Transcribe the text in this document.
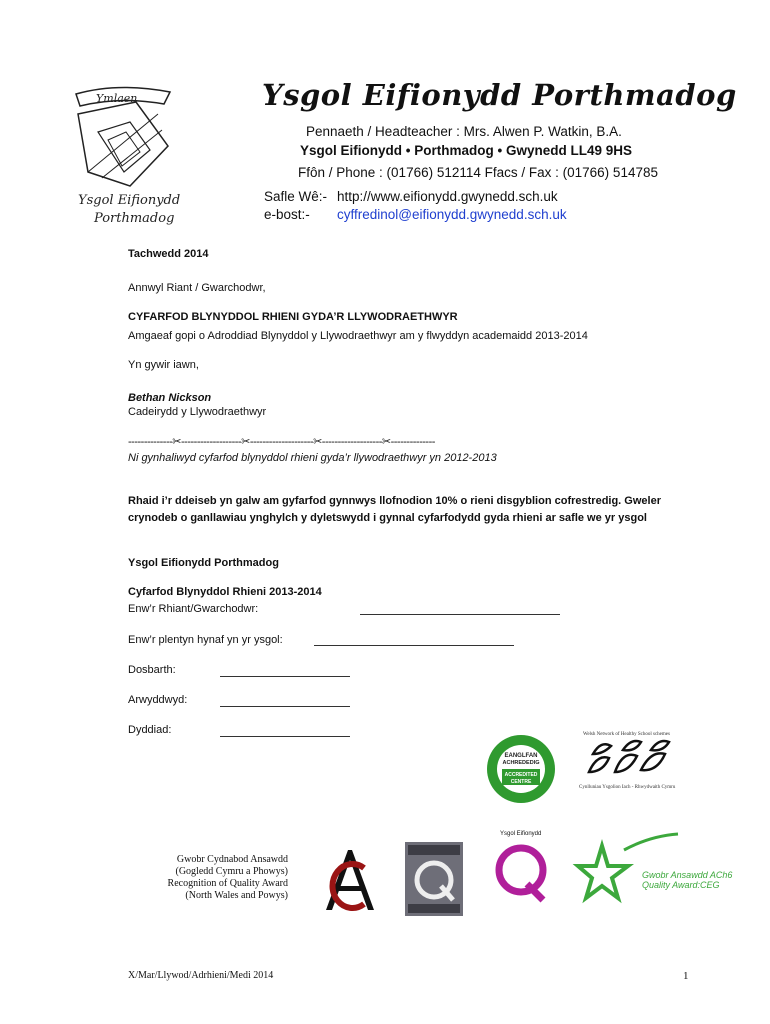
Ymlaen
Ysgol Eifionydd
Porthmadog
Ysgol Eifionydd Porthmadog
Pennaeth / Headteacher : Mrs. Alwen P. Watkin, B.A.
Ysgol Eifionydd • Porthmadog • Gwynedd LL49 9HS
Ffôn / Phone : (01766) 512114 Ffacs / Fax : (01766) 514785
Safle Wê:- http://www.eifionydd.gwynedd.sch.uk
e-bost:- cyffredinol@eifionydd.gwynedd.sch.uk
Tachwedd 2014
Annwyl Riant / Gwarchodwr,
CYFARFOD BLYNYDDOL RHIENI GYDA’R LLYWODRAETHWYR
Amgaeaf gopi o Adroddiad Blynyddol y Llywodraethwyr am y flwyddyn academaidd 2013-2014
Yn gywir iawn,
Bethan Nickson
Cadeirydd y Llywodraethwyr
--------------✂-------------------✂--------------------✂-------------------✂--------------
Ni gynhaliwyd cyfarfod blynyddol rhieni gyda’r llywodraethwyr yn 2012-2013
Rhaid i’r ddeiseb yn galw am gyfarfod gynnwys llofnodion 10% o rieni disgyblion cofrestredig. Gweler
crynodeb o ganllawiau ynghylch y dyletswydd i gynnal cyfarfodydd gyda rhieni ar safle we yr ysgol
Ysgol Eifionydd Porthmadog
Cyfarfod Blynyddol Rhieni 2013-2014
Enw’r Rhiant/Gwarchodwr:
Enw’r plentyn hynaf yn yr ysgol:
Dosbarth:
Arwyddwyd:
Dyddiad:
EANGLFAN
ACHREDEDIG
ACCREDITED
CENTRE
Welsh Network of Healthy School schemes
Cynlluniau Ysgolion Iach - Rhwydwaith Cymru
Gwobr Cydnabod Ansawdd
(Gogledd Cymru a Phowys)
Recognition of Quality Award
(North Wales and Powys)
Ysgol Eifionydd
Gwobr Ansawdd ACh6
Quality Award:CEG
X/Mar/Llywod/Adrhieni/Medi 2014	1
